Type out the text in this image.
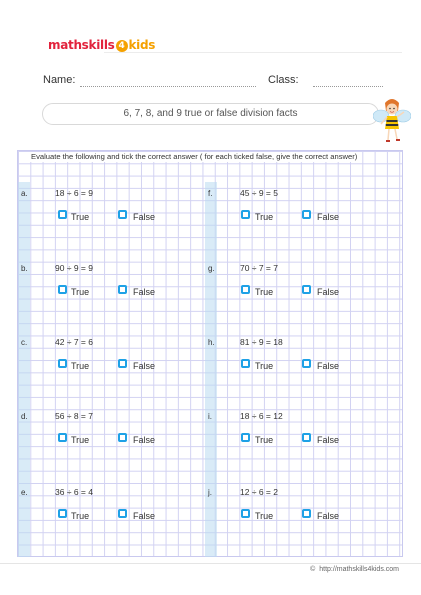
mathskills 4 kids
Name:	Class:
6, 7, 8, and 9 true or false division facts
Evaluate the following and tick the correct answer ( for each ticked false, give the correct answer)
a.	18 ÷ 6 = 9
True	False
f.	45 ÷ 9 = 5
True	False
b.	90 ÷ 9 = 9
True	False
g.	70 ÷ 7 = 7
True	False
c.	42 ÷ 7 = 6
True	False
h.	81 ÷ 9 = 18
True	False
d.	56 ÷ 8 = 7
True	False
i.	18 ÷ 6 = 12
True	False
e.	36 ÷ 6 = 4
True	False
j.	12 ÷ 6 = 2
True	False
© http://mathskills4kids.com
